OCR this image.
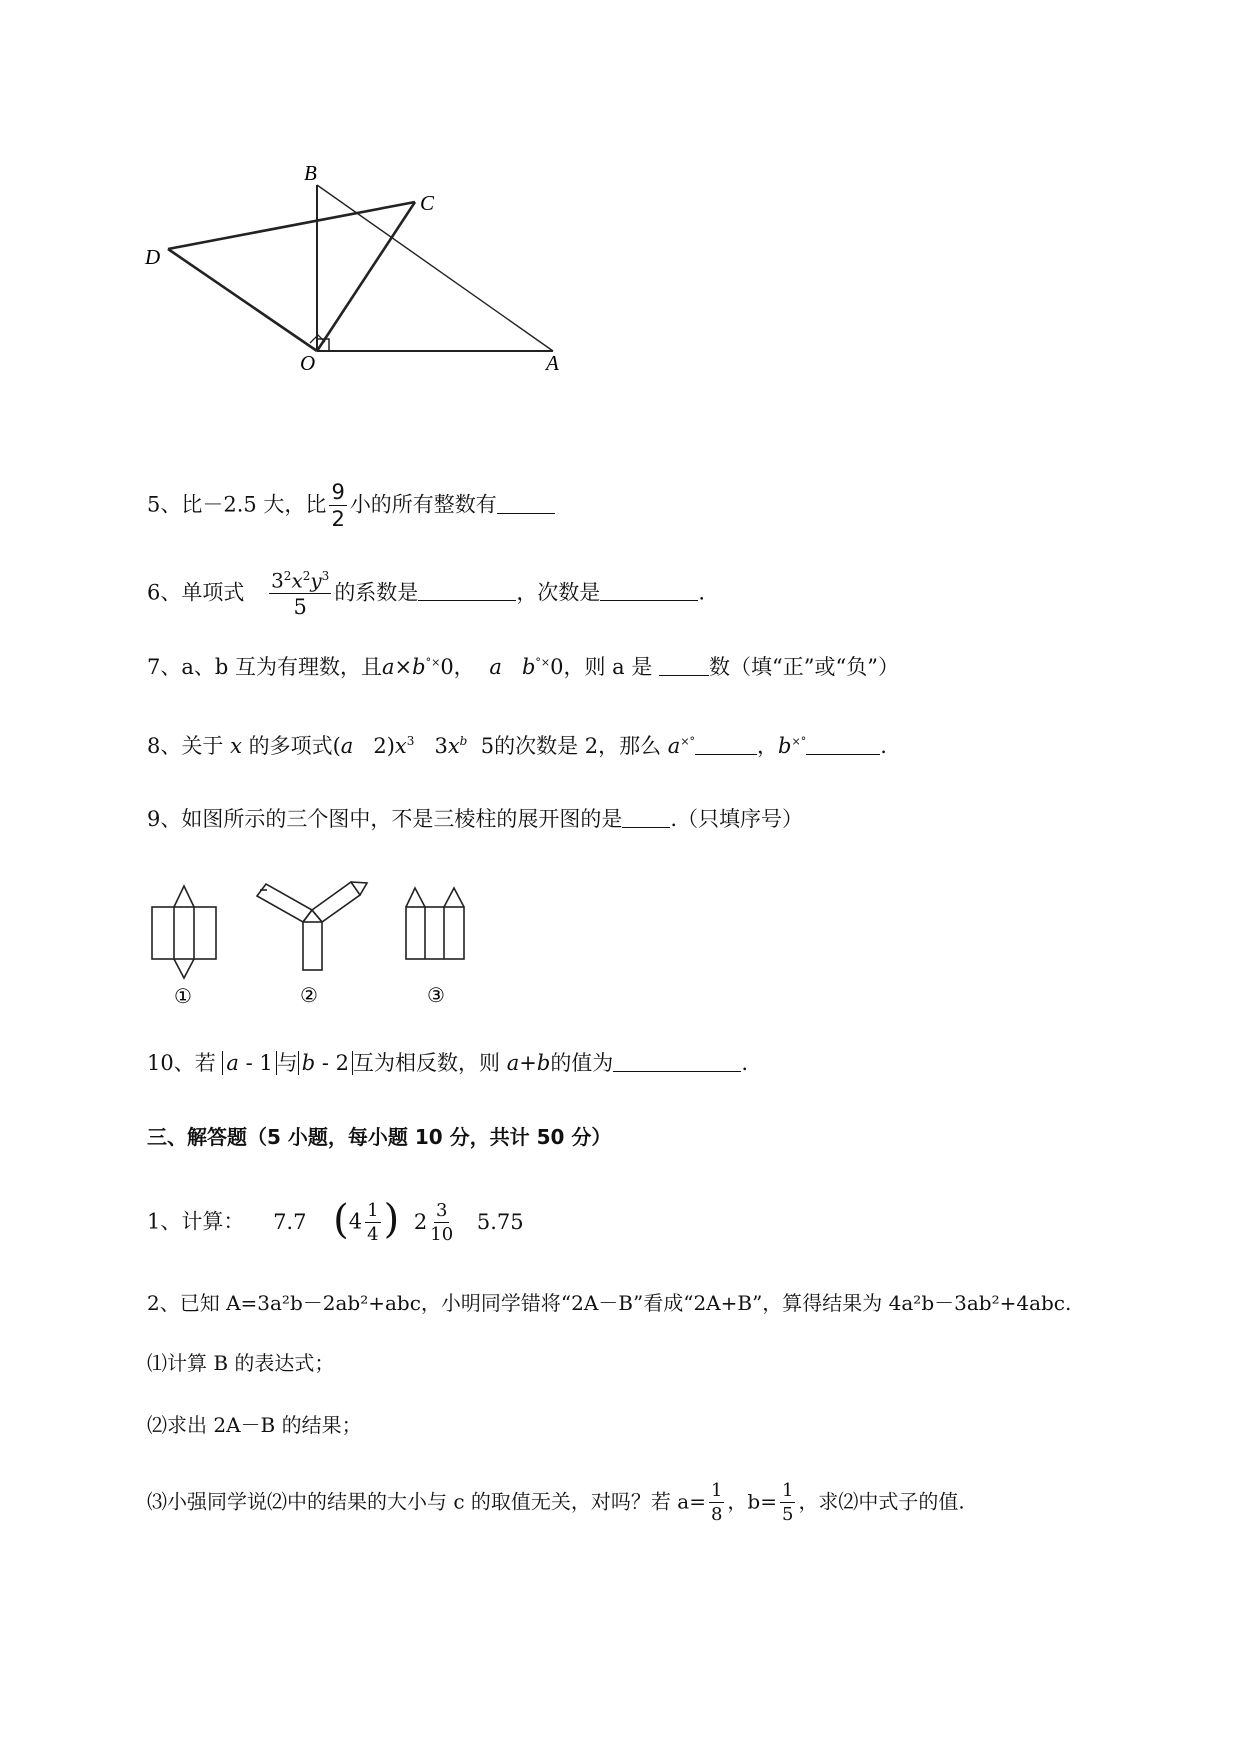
B
C
D
O	A
5、比－2.5 大，比 $\frac{9}{2}$ 小的所有整数有
6、单项式 $\frac{3^2x^2y^3}{5}$ 的系数是	，次数是	.
7、a、b 互为有理数，且a×b°×0， a b°×0，则 a 是	数（填“正”或“负”）
8、关于 x 的多项式(a $2)x^3$ $3x^b$ 5的次数是 2，那么 a×°	，b×°	.
9、如图所示的三个图中，不是三棱柱的展开图的是 .（只填序号）
①	②	③
10、若 a - 1 与 b - 2 互为相反数，则 a+b的值为	.
三、解答题（5 小题，每小题 10 分，共计 50 分）
1、计算： 7.7 ($4 \frac{1}{4}$ ) $2 \frac{3}{10} 5.75$
2、已知 A=3a²b－2ab²+abc，小明同学错将“2A－B”看成“2A+B”，算得结果为 4a²b－3ab²+4abc.
⑴计算 B 的表达式；
⑵求出 2A－B 的结果；
⑶小强同学说⑵中的结果的大小与 c 的取值无关，对吗？若 $a= \frac{1}{8}$ ，$b= \frac{1}{5}$ ，求⑵中式子的值.
